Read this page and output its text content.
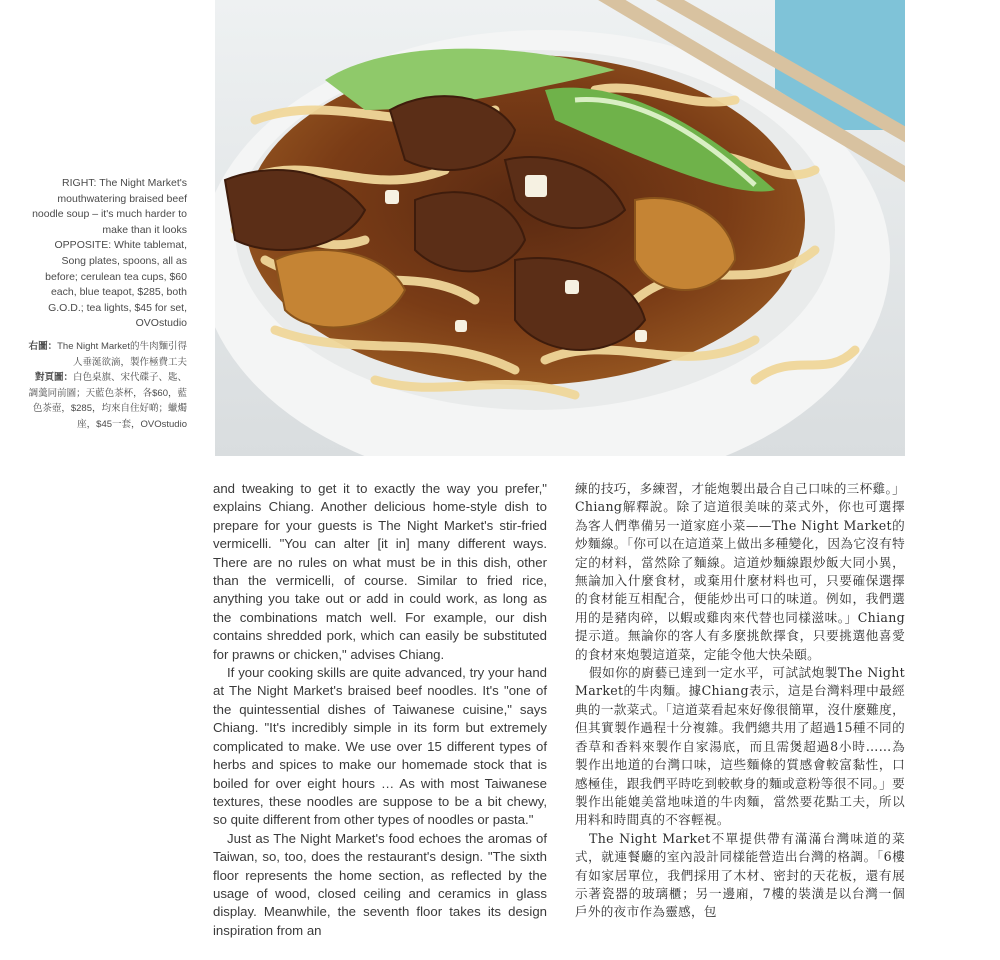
RIGHT: The Night Market's mouthwatering braised beef noodle soup – it's much harder to make than it looks
OPPOSITE: White tablemat, Song plates, spoons, all as before; cerulean tea cups, $60 each, blue teapot, $285, both G.O.D.; tea lights, $45 for set, OVOstudio
右圖：The Night Market的牛肉麵引得人垂涎欲滴，製作極費工夫
對頁圖：白色桌旗、宋代碟子、匙、調羹同前圖；天藍色茶杯，各$60，藍色茶壺，$285，均來自住好啲；蠟燭座，$45一套，OVOstudio

and tweaking to get it to exactly the way you prefer," explains Chiang. Another delicious home-style dish to prepare for your guests is The Night Market's stir-fried vermicelli. "You can alter [it in] many different ways. There are no rules on what must be in this dish, other than the vermicelli, of course. Similar to fried rice, anything you take out or add in could work, as long as the combinations match well. For example, our dish contains shredded pork, which can easily be substituted for prawns or chicken," advises Chiang.

If your cooking skills are quite advanced, try your hand at The Night Market's braised beef noodles. It's "one of the quintessential dishes of Taiwanese cuisine," says Chiang. "It's incredibly simple in its form but extremely complicated to make. We use over 15 different types of herbs and spices to make our homemade stock that is boiled for over eight hours … As with most Taiwanese textures, these noodles are suppose to be a bit chewy, so quite different from other types of noodles or pasta."

Just as The Night Market's food echoes the aromas of Taiwan, so, too, does the restaurant's design. "The sixth floor represents the home section, as reflected by the usage of wood, closed ceiling and ceramics in glass display. Meanwhile, the seventh floor takes its design inspiration from an

練的技巧，多練習，才能炮製出最合自己口味的三杯雞。」Chiang解釋說。除了這道很美味的菜式外，你也可選擇為客人們準備另一道家庭小菜——The Night Market的炒麵線。「你可以在這道菜上做出多種變化，因為它沒有特定的材料，當然除了麵線。這道炒麵線跟炒飯大同小異，無論加入什麼食材，或棄用什麼材料也可，只要確保選擇的食材能互相配合，便能炒出可口的味道。例如，我們選用的是豬肉碎，以蝦或雞肉來代替也同樣滋味。」Chiang提示道。無論你的客人有多麼挑飲擇食，只要挑選他喜愛的食材來炮製這道菜，定能令他大快朵頤。

假如你的廚藝已達到一定水平，可試試炮製The Night Market的牛肉麵。據Chiang表示，這是台灣料理中最經典的一款菜式。「這道菜看起來好像很簡單，沒什麼難度，但其實製作過程十分複雜。我們總共用了超過15種不同的香草和香料來製作自家湯底，而且需煲超過8小時……為製作出地道的台灣口味，這些麵條的質感會較富黏性，口感極佳，跟我們平時吃到較軟身的麵或意粉等很不同。」要製作出能媲美當地味道的牛肉麵，當然要花點工夫，所以用料和時間真的不容輕視。

The Night Market不單提供帶有滿滿台灣味道的菜式，就連餐廳的室內設計同樣能營造出台灣的格調。「6樓有如家居單位，我們採用了木材、密封的天花板，還有展示著瓷器的玻璃櫃；另一邊廂，7樓的裝潢是以台灣一個戶外的夜市作為靈感，包
